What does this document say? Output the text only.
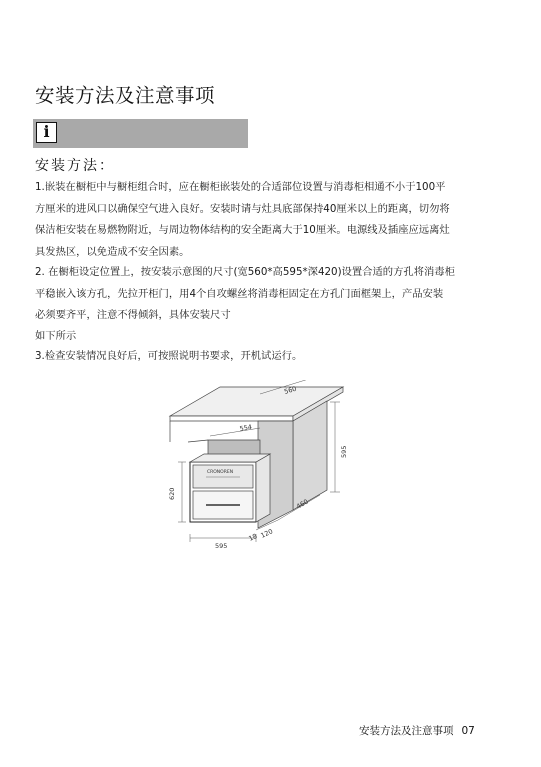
安装方法及注意事项
i
安装方法：
1.嵌装在橱柜中与橱柜组合时，应在橱柜嵌装处的合适部位设置与消毒柜相通不小于100平
方厘米的进风口以确保空气进入良好。安装时请与灶具底部保持40厘米以上的距离，切勿将
保洁柜安装在易燃物附近，与周边物体结构的安全距离大于10厘米。电源线及插座应远离灶
具发热区，以免造成不安全因素。
2. 在橱柜设定位置上，按安装示意图的尺寸(宽560*高595*深420)设置合适的方孔将消毒柜
平稳嵌入该方孔，先拉开柜门，用4个自攻螺丝将消毒柜固定在方孔门面框架上，产品安装
必须要齐平，注意不得倾斜，具体安装尺寸
如下所示
3.检查安装情况良好后，可按照说明书要求，开机试运行。
560
554
595
460
620
595
18 120
CRONOREN
安装方法及注意事项 07
